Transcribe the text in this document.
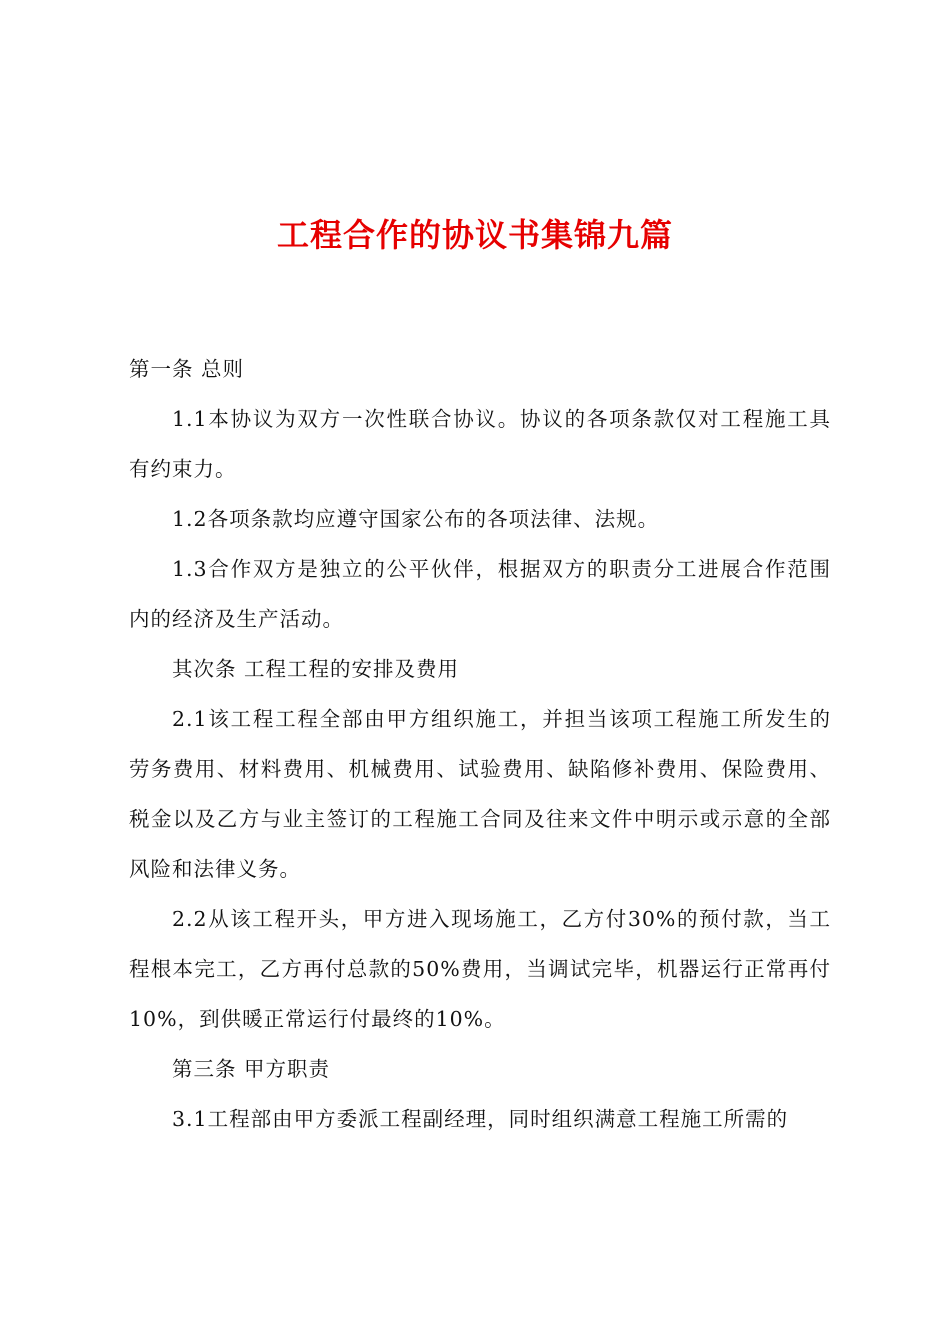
工程合作的协议书集锦九篇

第一条 总则

1.1本协议为双方一次性联合协议。协议的各项条款仅对工程施工具有约束力。

1.2各项条款均应遵守国家公布的各项法律、法规。

1.3合作双方是独立的公平伙伴，根据双方的职责分工进展合作范围内的经济及生产活动。

其次条 工程工程的安排及费用

2.1该工程工程全部由甲方组织施工，并担当该项工程施工所发生的劳务费用、材料费用、机械费用、试验费用、缺陷修补费用、保险费用、税金以及乙方与业主签订的工程施工合同及往来文件中明示或示意的全部风险和法律义务。

2.2从该工程开头，甲方进入现场施工，乙方付30%的预付款，当工程根本完工，乙方再付总款的50%费用，当调试完毕，机器运行正常再付10%，到供暖正常运行付最终的10%。

第三条 甲方职责

3.1工程部由甲方委派工程副经理，同时组织满意工程施工所需的
